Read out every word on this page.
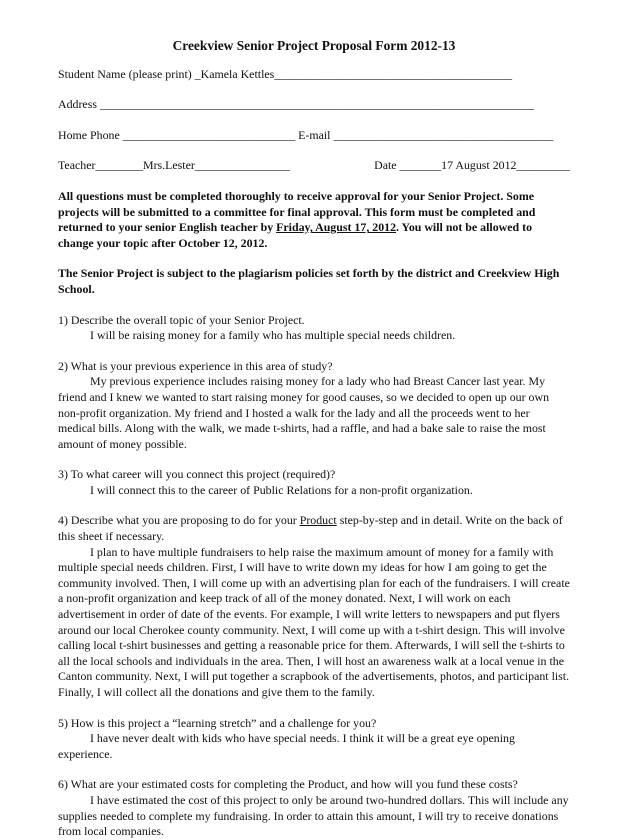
Creekview Senior Project Proposal Form 2012-13
Student Name (please print) _Kamela Kettles________________________________________
Address _________________________________________________________________________
Home Phone _____________________________ E-mail _____________________________________
Teacher________Mrs.Lester________________	Date _______17 August 2012_________

All questions must be completed thoroughly to receive approval for your Senior Project. Some projects will be submitted to a committee for final approval. This form must be completed and returned to your senior English teacher by Friday, August 17, 2012. You will not be allowed to change your topic after October 12, 2012.

The Senior Project is subject to the plagiarism policies set forth by the district and Creekview High School.

1) Describe the overall topic of your Senior Project.

I will be raising money for a family who has multiple special needs children.

2) What is your previous experience in this area of study?

My previous experience includes raising money for a lady who had Breast Cancer last year. My friend and I knew we wanted to start raising money for good causes, so we decided to open up our own non-profit organization. My friend and I hosted a walk for the lady and all the proceeds went to her medical bills. Along with the walk, we made t-shirts, had a raffle, and had a bake sale to raise the most amount of money possible.

3) To what career will you connect this project (required)?

I will connect this to the career of Public Relations for a non-profit organization.

4) Describe what you are proposing to do for your Product step-by-step and in detail. Write on the back of this sheet if necessary.

I plan to have multiple fundraisers to help raise the maximum amount of money for a family with multiple special needs children. First, I will have to write down my ideas for how I am going to get the community involved. Then, I will come up with an advertising plan for each of the fundraisers. I will create a non-profit organization and keep track of all of the money donated. Next, I will work on each advertisement in order of date of the events. For example, I will write letters to newspapers and put flyers around our local Cherokee county community. Next, I will come up with a t-shirt design. This will involve calling local t-shirt businesses and getting a reasonable price for them. Afterwards, I will sell the t-shirts to all the local schools and individuals in the area. Then, I will host an awareness walk at a local venue in the Canton community. Next, I will put together a scrapbook of the advertisements, photos, and participant list. Finally, I will collect all the donations and give them to the family.

5) How is this project a “learning stretch” and a challenge for you?

I have never dealt with kids who have special needs. I think it will be a great eye opening experience.

6) What are your estimated costs for completing the Product, and how will you fund these costs?

I have estimated the cost of this project to only be around two-hundred dollars. This will include any supplies needed to complete my fundraising. In order to attain this amount, I will try to receive donations from local companies.
